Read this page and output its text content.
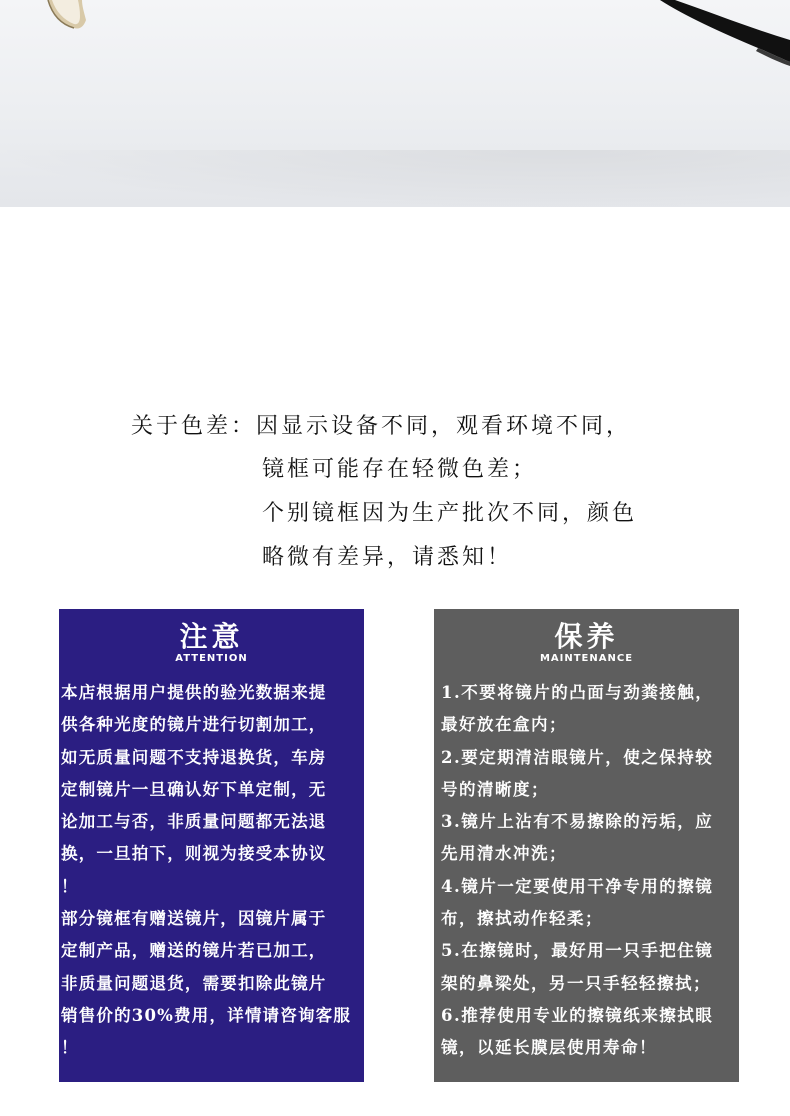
关于色差：因显示设备不同，观看环境不同，
镜框可能存在轻微色差；
个别镜框因为生产批次不同，颜色
略微有差异，请悉知！
注意
ATTENTION
本店根据用户提供的验光数据来提
供各种光度的镜片进行切割加工，
如无质量问题不支持退换货，车房
定制镜片一旦确认好下单定制，无
论加工与否，非质量问题都无法退
换，一旦拍下，则视为接受本协议
！
部分镜框有赠送镜片，因镜片属于
定制产品，赠送的镜片若已加工，
非质量问题退货，需要扣除此镜片
销售价的30%费用，详情请咨询客服
！
保养
MAINTENANCE
1.不要将镜片的凸面与劲粪接触，
最好放在盒内；
2.要定期清洁眼镜片，使之保持较
号的清晰度；
3.镜片上沾有不易擦除的污垢，应
先用清水冲洗；
4.镜片一定要使用干净专用的擦镜
布，擦拭动作轻柔；
5.在擦镜时，最好用一只手把住镜
架的鼻梁处，另一只手轻轻擦拭；
6.推荐使用专业的擦镜纸来擦拭眼
镜，以延长膜层使用寿命！
